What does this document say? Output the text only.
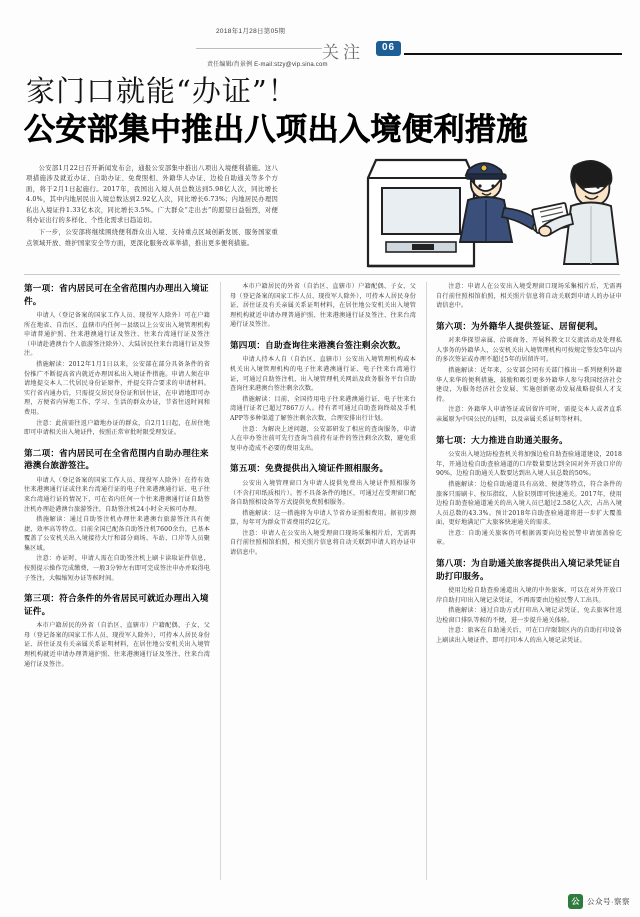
2018年1月28日第05期
关注	06
责任编辑/肖景例 E-mail:stzy@vip.sina.com
家门口就能“办证”！
公安部集中推出八项出入境便利措施

公安部1月22日召开新闻发布会，通报公安部集中推出八项出入境便利措施。这八项措施涉及就近办证、自助办证、免费照相、外籍华人办证、边检自助通关等多个方面，将于2月1日起施行。2017年，我国出入境人员总数达到5.98亿人次，同比增长4.0%，其中内地居民出入境总数达到2.92亿人次，同比增长6.73%；内地居民办理因私出入境证件1.33亿本次，同比增长3.5%。广大群众“走出去”的愿望日益强烈，对便利办证出行的多样化、个性化需求日趋迫切。

下一步，公安部将继续围绕便利群众出入境、支持重点区域创新发展、服务国家重点领域开放、维护国家安全等方面，更深化服务改革举措，推出更多便利措施。

第一项：省内居民可在全省范围内办理出入境证件。

申请人（登记备案的国家工作人员、现役军人除外）可在户籍所在地省、自治区、直辖市内任何一县级以上公安出入境管理机构申请普通护照、往来港澳通行证及签注、往来台湾通行证及签注（申请赴港澳台个人旅游签注除外）、大陆居民往来台湾通行证及签注。

措施解读：2012年1月1日以来，公安部在部分具备条件的省份推广不断提高省内就近办理因私出入境证件措施。申请人须在申请地提交本人二代居民身份证原件，并提交符合要求的申请材料。实行省内通办后，只需提交居民身份证和居住证，在申请地即可办理，方便省内异地工作、学习、生活的群众办证，节省往返时间和费用。

注意：此前需往返户籍地办证的群众，自2月1日起，在居住地即可申请相关出入境证件，按照正常审批时限受理发证。

第二项：省内居民可在全省范围内自助办理往来港澳台旅游签注。

申请人（登记备案的国家工作人员、现役军人除外）在持有效往来港澳通行证或往来台湾通行证的电子往来港澳通行证、电子往来台湾通行证的情况下，可在省内任何一个往来港澳通行证自助签注机办理赴港澳台旅游签注，自助签注机24小时全天候可办理。

措施解读：通过自助签注机办理往来港澳台旅游签注具有便捷、效率高等特点。目前全国已配备自助签注机7600余台，已基本覆盖了公安机关出入境接待大厅和部分商场、车站、口岸等人员聚集区域。

注意：办证时，申请人需在自助签注机上刷卡读取证件信息，按照提示操作完成缴费，一般3分钟左右即可完成签注申办并取得电子签注，大幅缩短办证等候时间。

第三项：符合条件的外省居民可就近办理出入境证件。

本市户籍居民的外省（自治区、直辖市）户籍配偶、子女、父母（登记备案的国家工作人员、现役军人除外），可持本人居民身份证、居住证及有关亲属关系证明材料，在居住地公安机关出入境管理机构就近申请办理普通护照、往来港澳通行证及签注、往来台湾通行证及签注。

本市户籍居民的外省（自治区、直辖市）户籍配偶、子女、父母（登记备案的国家工作人员、现役军人除外），可持本人居民身份证、居住证及有关亲属关系证明材料，在居住地公安机关出入境管理机构就近申请办理普通护照、往来港澳通行证及签注、往来台湾通行证及签注。

第四项：自助查询往来港澳台签注剩余次数。

申请人持本人自（自治区、直辖市）公安出入境管理机构或本机关出入境管理机构的电子往来港澳通行证、电子往来台湾通行证，可通过自助签注机、出入境管理机关网站及政务服务平台自助查询往来港澳台签注剩余次数。

措施解读：目前，全国持用电子往来港澳通行证、电子往来台湾通行证者已超过7867万人。持有者可通过自助查询终端及手机APP等多种渠道了解签注剩余次数，合理安排出行计划。

注意：为解决上述问题，公安部研发了相应的查询服务，申请人在申办签注前可先行查询当前持有证件的签注剩余次数，避免重复申办造成不必要的费用支出。

第五项：免费提供出入境证件照相服务。

公安出入境管理窗口为申请人提供免费出入境证件照相服务（不含打印纸质相片）。暂不具备条件的地区，可通过在受理窗口配备自助照相设备等方式提供免费照相服务。

措施解读：这一措施将为申请人节省办证照相费用。据初步测算，每年可为群众节省费用约2亿元。

注意：申请人在公安出入境受理窗口现场采集相片后，无需再自行前往照相馆拍照，相关照片信息将自动关联到申请人的办证申请信息中。

注意：申请人在公安出入境受理窗口现场采集相片后，无需再自行前往照相馆拍照，相关照片信息将自动关联到申请人的办证申请信息中。

第六项：为外籍华人提供签证、居留便利。

对来华探望亲属、洽谈商务、开展科教文卫交流活动及处理私人事务的外籍华人，公安机关出入境管理机构可按规定签发5年以内的多次签证或办理不超过5年的居留许可。

措施解读：近年来，公安部会同有关部门推出一系列便利外籍华人来华的便利措施，鼓励和吸引更多外籍华人参与我国经济社会建设，为服务经济社会发展、实施创新驱动发展战略提供人才支持。

注意：外籍华人申请签证或居留许可时，需提交本人或者直系亲属原为中国公民的证明，以及亲属关系证明等材料。

第七项：大力推进自助通关服务。

公安出入境边防检查机关将加强边检自助查验通道建设，2018年，开通边检自助查验通道的口岸数量要达到全国对外开放口岸的90%，边检自助通关人数要达到出入境人员总数的50%。

措施解读：边检自助通道具有高效、便捷等特点，符合条件的旅客只需刷卡、按压指纹、人脸识别即可快速通关。2017年，使用边检自助查验通道通关的出入境人员已超过2.58亿人次，占出入境人员总数的43.3%。预计2018年自助查验通道将进一步扩大覆盖面，更好地满足广大旅客快速通关的需求。

注意：自助通关旅客仍可根据需要向边检民警申请加盖验讫章。

第八项：为自助通关旅客提供出入境记录凭证自助打印服务。

使用边检自助查验通道出入境的中外旅客，可以在对外开放口岸自助打印出入境记录凭证，不再需要由边检民警人工出具。

措施解读：通过自助方式打印出入境记录凭证，免去旅客往返边检窗口排队等候的不便，进一步提升通关体验。

注意：旅客在自助通关后，可在口岸限制区内的自助打印设备上刷读出入境证件，即可打印本人的出入境记录凭证。

公	公众号·察察
